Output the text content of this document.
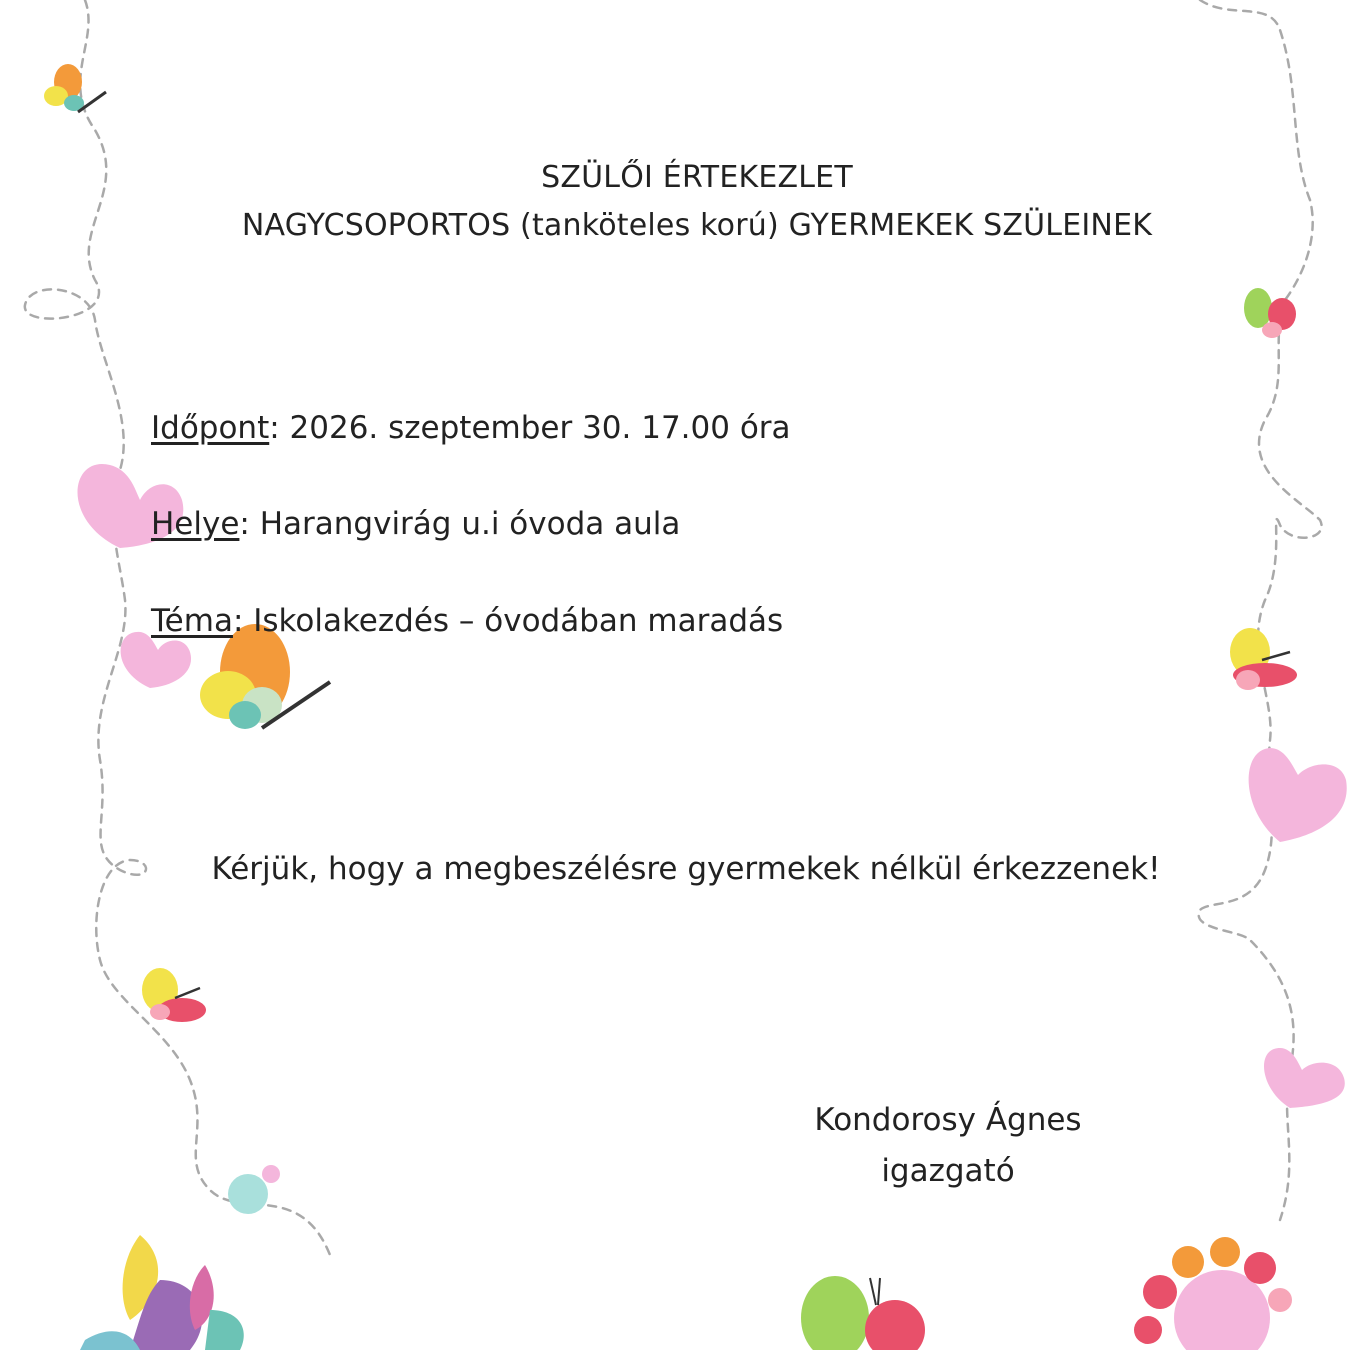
SZÜLŐI ÉRTEKEZLET
NAGYCSOPORTOS (tanköteles korú) GYERMEKEK SZÜLEINEK
Időpont: 2026. szeptember 30. 17.00 óra
Helye: Harangvirág u.i óvoda aula
Téma: Iskolakezdés – óvodában maradás
Kérjük, hogy a megbeszélésre gyermekek nélkül érkezzenek!
Kondorosy Ágnes
igazgató
